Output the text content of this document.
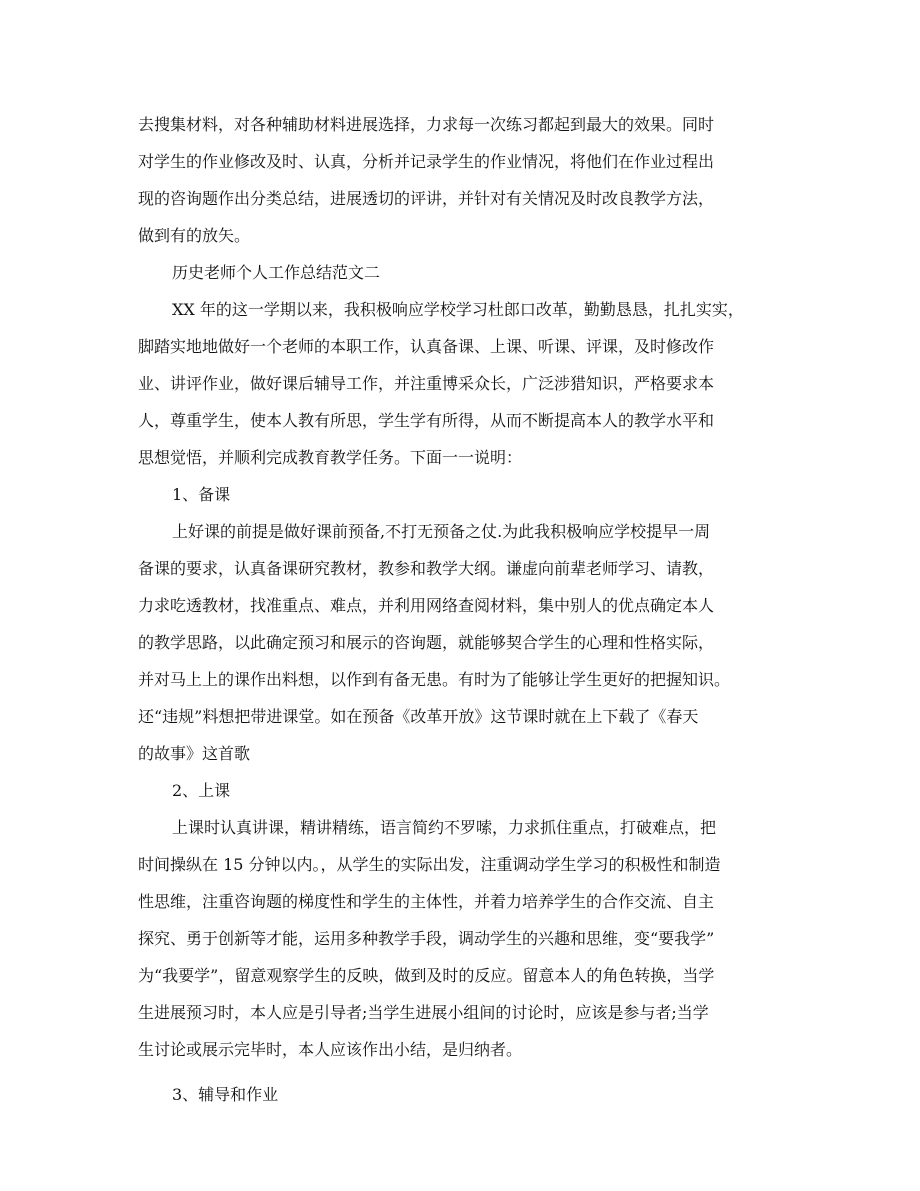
去搜集材料，对各种辅助材料进展选择，力求每一次练习都起到最大的效果。同时
对学生的作业修改及时、认真，分析并记录学生的作业情况，将他们在作业过程出
现的咨询题作出分类总结，进展透切的评讲，并针对有关情况及时改良教学方法，
做到有的放矢。
历史老师个人工作总结范文二
XX 年的这一学期以来，我积极响应学校学习杜郎口改革，勤勤恳恳，扎扎实实，
脚踏实地地做好一个老师的本职工作，认真备课、上课、听课、评课，及时修改作
业、讲评作业，做好课后辅导工作，并注重博采众长，广泛涉猎知识，严格要求本
人，尊重学生，使本人教有所思，学生学有所得，从而不断提高本人的教学水平和
思想觉悟，并顺利完成教育教学任务。下面一一说明：
1、备课
上好课的前提是做好课前预备,不打无预备之仗.为此我积极响应学校提早一周
备课的要求，认真备课研究教材，教参和教学大纲。谦虚向前辈老师学习、请教，
力求吃透教材，找准重点、难点，并利用网络查阅材料，集中别人的优点确定本人
的教学思路，以此确定预习和展示的咨询题，就能够契合学生的心理和性格实际，
并对马上上的课作出料想，以作到有备无患。有时为了能够让学生更好的把握知识。
还“违规”料想把带进课堂。如在预备《改革开放》这节课时就在上下载了《春天
的故事》这首歌
2、上课
上课时认真讲课，精讲精练，语言简约不罗嗦，力求抓住重点，打破难点，把
时间操纵在 15 分钟以内。，从学生的实际出发，注重调动学生学习的积极性和制造
性思维，注重咨询题的梯度性和学生的主体性，并着力培养学生的合作交流、自主
探究、勇于创新等才能，运用多种教学手段，调动学生的兴趣和思维，变“要我学”
为“我要学”，留意观察学生的反映，做到及时的反应。留意本人的角色转换，当学
生进展预习时，本人应是引导者;当学生进展小组间的讨论时，应该是参与者;当学
生讨论或展示完毕时，本人应该作出小结，是归纳者。
3、辅导和作业
